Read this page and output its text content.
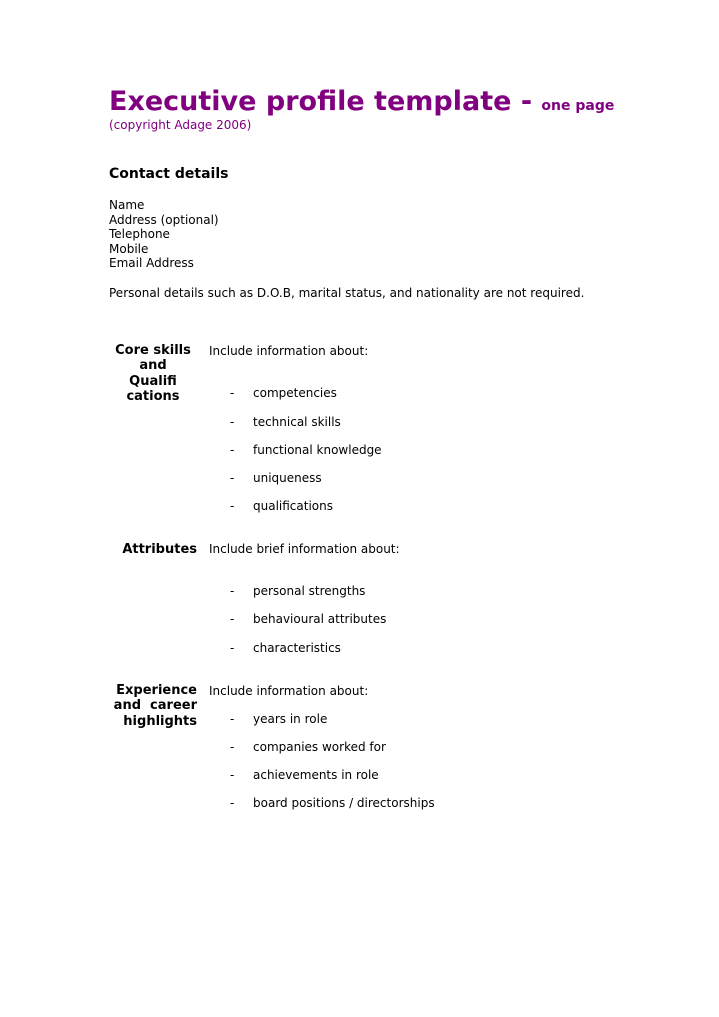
Executive profile template - one page
(copyright Adage 2006)
Contact details
Name
Address (optional)
Telephone
Mobile
Email Address
Personal details such as D.O.B, marital status, and nationality are not required.
Core skills
and
Qualifi
cations
Include information about:
- competencies
- technical skills
- functional knowledge
- uniqueness
- qualifications
Attributes Include brief information about:
- personal strengths
- behavioural attributes
- characteristics
Experience
and  career
highlights
Include information about:
- years in role
- companies worked for
- achievements in role
- board positions / directorships
